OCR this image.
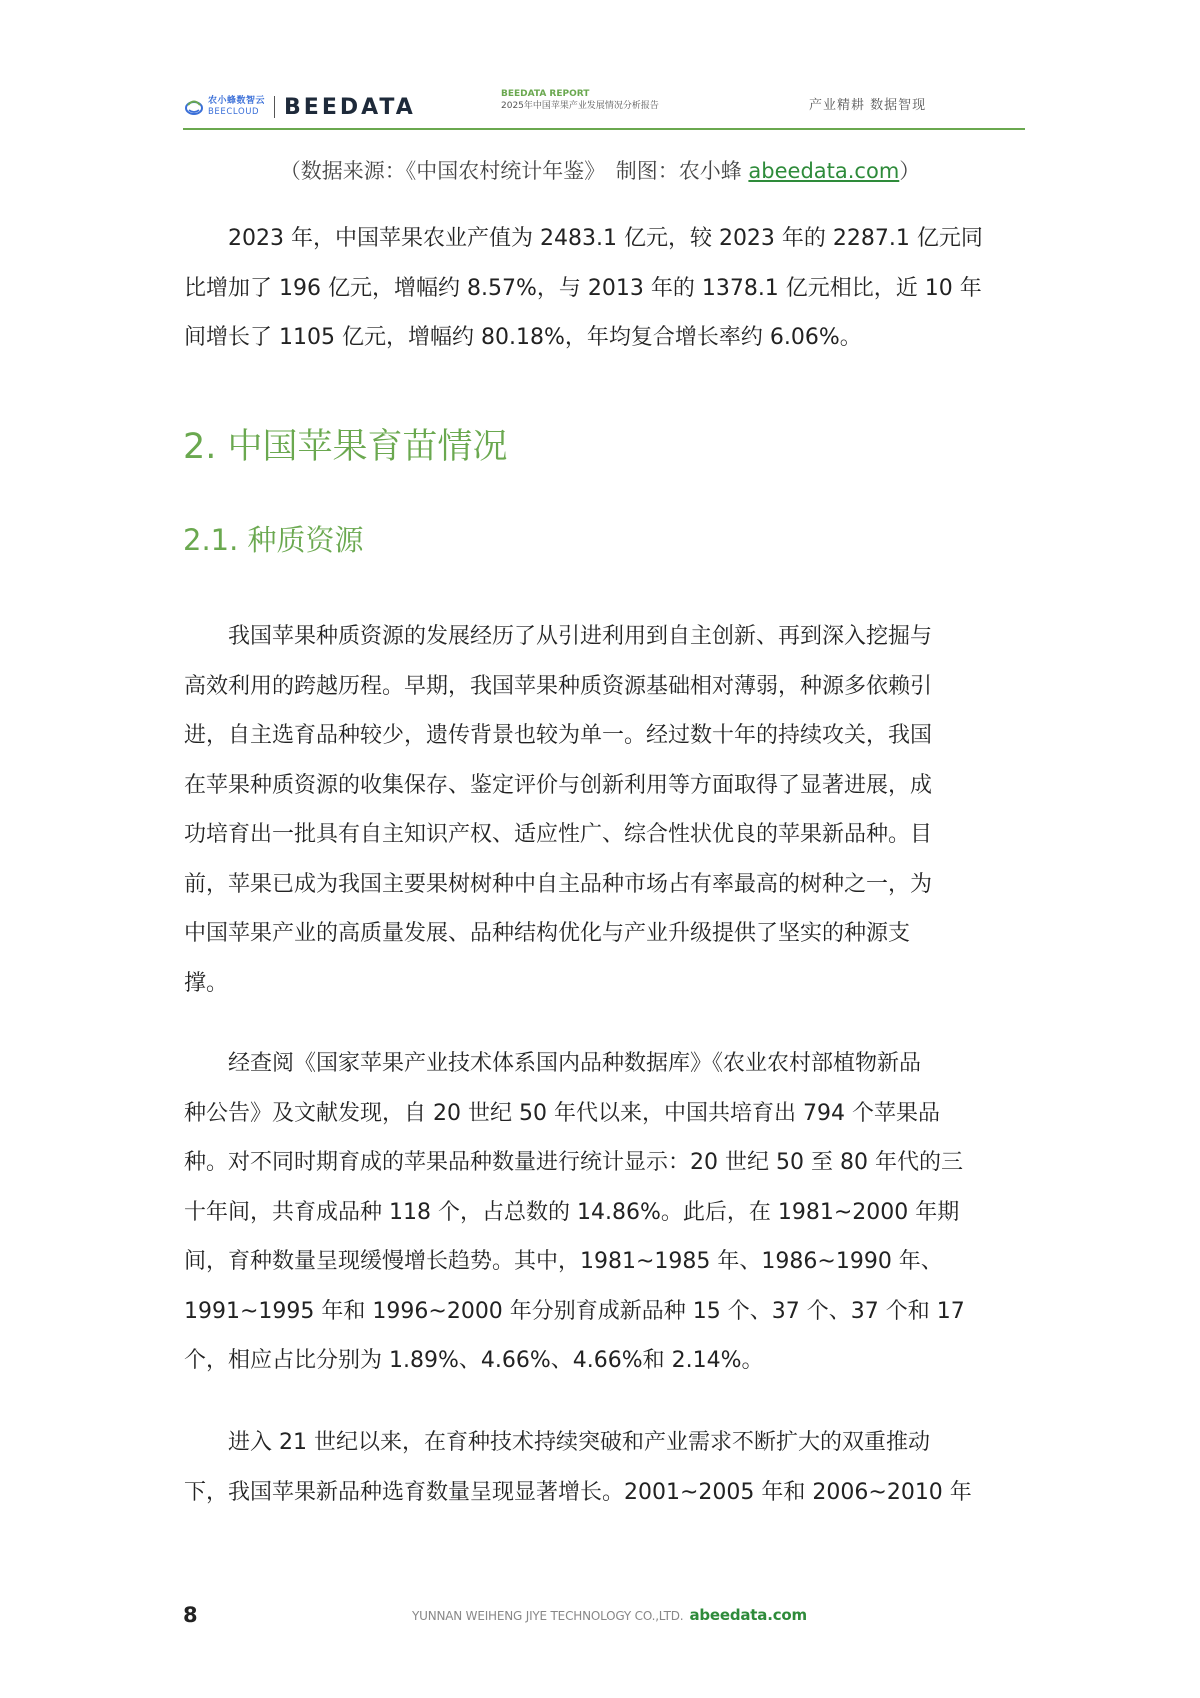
农小蜂数智云
BEECLOUD BEEDATA
BEEDATA REPORT
2025年中国苹果产业发展情况分析报告	产业精耕 数据智现
（数据来源：《中国农村统计年鉴》　制图：农小蜂 abeedata.com）
2023 年，中国苹果农业产值为 2483.1 亿元，较 2023 年的 2287.1 亿元同
比增加了 196 亿元，增幅约 8.57%，与 2013 年的 1378.1 亿元相比，近 10 年
间增长了 1105 亿元，增幅约 80.18%，年均复合增长率约 6.06%。
2. 中国苹果育苗情况
2.1. 种质资源
我国苹果种质资源的发展经历了从引进利用到自主创新、再到深入挖掘与
高效利用的跨越历程。早期，我国苹果种质资源基础相对薄弱，种源多依赖引
进，自主选育品种较少，遗传背景也较为单一。经过数十年的持续攻关，我国
在苹果种质资源的收集保存、鉴定评价与创新利用等方面取得了显著进展，成
功培育出一批具有自主知识产权、适应性广、综合性状优良的苹果新品种。目
前，苹果已成为我国主要果树树种中自主品种市场占有率最高的树种之一，为
中国苹果产业的高质量发展、品种结构优化与产业升级提供了坚实的种源支
撑。
经查阅《国家苹果产业技术体系国内品种数据库》《农业农村部植物新品
种公告》及文献发现，自 20 世纪 50 年代以来，中国共培育出 794 个苹果品
种。对不同时期育成的苹果品种数量进行统计显示：20 世纪 50 至 80 年代的三
十年间，共育成品种 118 个，占总数的 14.86%。此后，在 1981~2000 年期
间，育种数量呈现缓慢增长趋势。其中，1981~1985 年、1986~1990 年、
1991~1995 年和 1996~2000 年分别育成新品种 15 个、37 个、37 个和 17
个，相应占比分别为 1.89%、4.66%、4.66%和 2.14%。
进入 21 世纪以来，在育种技术持续突破和产业需求不断扩大的双重推动
下，我国苹果新品种选育数量呈现显著增长。2001~2005 年和 2006~2010 年
8	YUNNAN WEIHENG JIYE TECHNOLOGY CO.,LTD. abeedata.com
